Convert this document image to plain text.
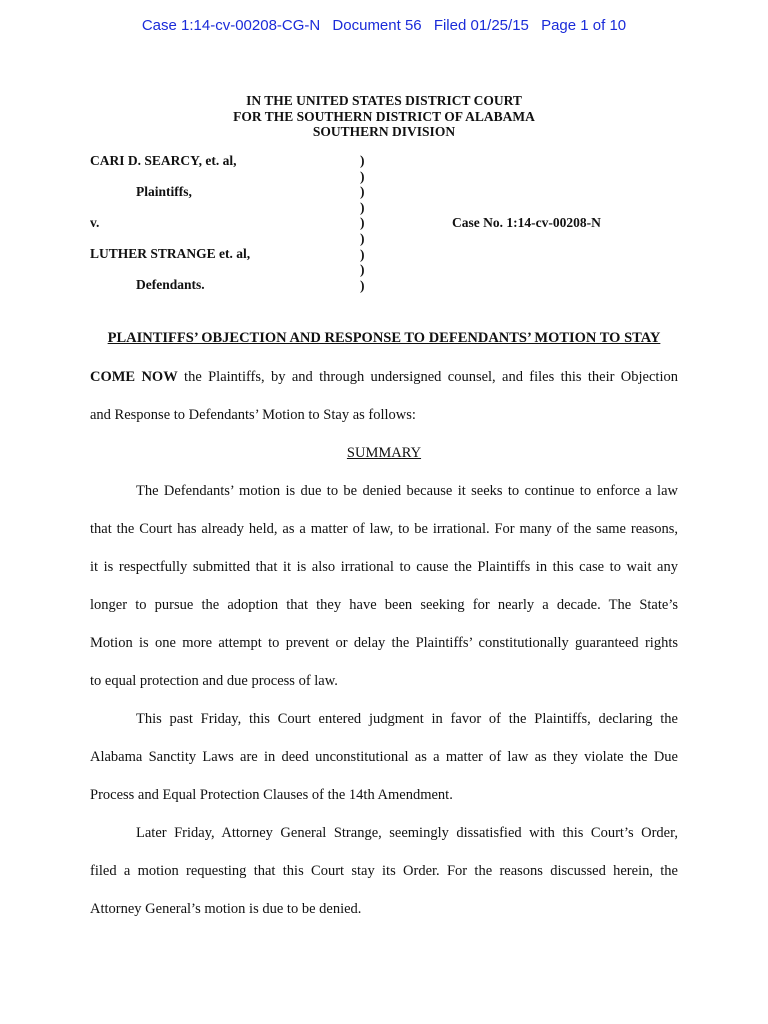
Case 1:14-cv-00208-CG-N Document 56 Filed 01/25/15 Page 1 of 10
IN THE UNITED STATES DISTRICT COURT
FOR THE SOUTHERN DISTRICT OF ALABAMA
SOUTHERN DIVISION
CARI D. SEARCY, et. al,
Plaintiffs,
v.
LUTHER STRANGE et. al,
Defendants.
Case No. 1:14-cv-00208-N
)
)
)
)
)
)
)
)
)
PLAINTIFFS’ OBJECTION AND RESPONSE TO DEFENDANTS’ MOTION TO STAY
COME NOW the Plaintiffs, by and through undersigned counsel, and files this their Objection
and Response to Defendants’ Motion to Stay as follows:
SUMMARY
The Defendants’ motion is due to be denied because it seeks to continue to enforce a law
that the Court has already held, as a matter of law, to be irrational. For many of the same reasons,
it is respectfully submitted that it is also irrational to cause the Plaintiffs in this case to wait any
longer to pursue the adoption that they have been seeking for nearly a decade. The State’s
Motion is one more attempt to prevent or delay the Plaintiffs’ constitutionally guaranteed rights
to equal protection and due process of law.
This past Friday, this Court entered judgment in favor of the Plaintiffs, declaring the
Alabama Sanctity Laws are in deed unconstitutional as a matter of law as they violate the Due
Process and Equal Protection Clauses of the 14th Amendment.
Later Friday, Attorney General Strange, seemingly dissatisfied with this Court’s Order,
filed a motion requesting that this Court stay its Order. For the reasons discussed herein, the
Attorney General’s motion is due to be denied.
